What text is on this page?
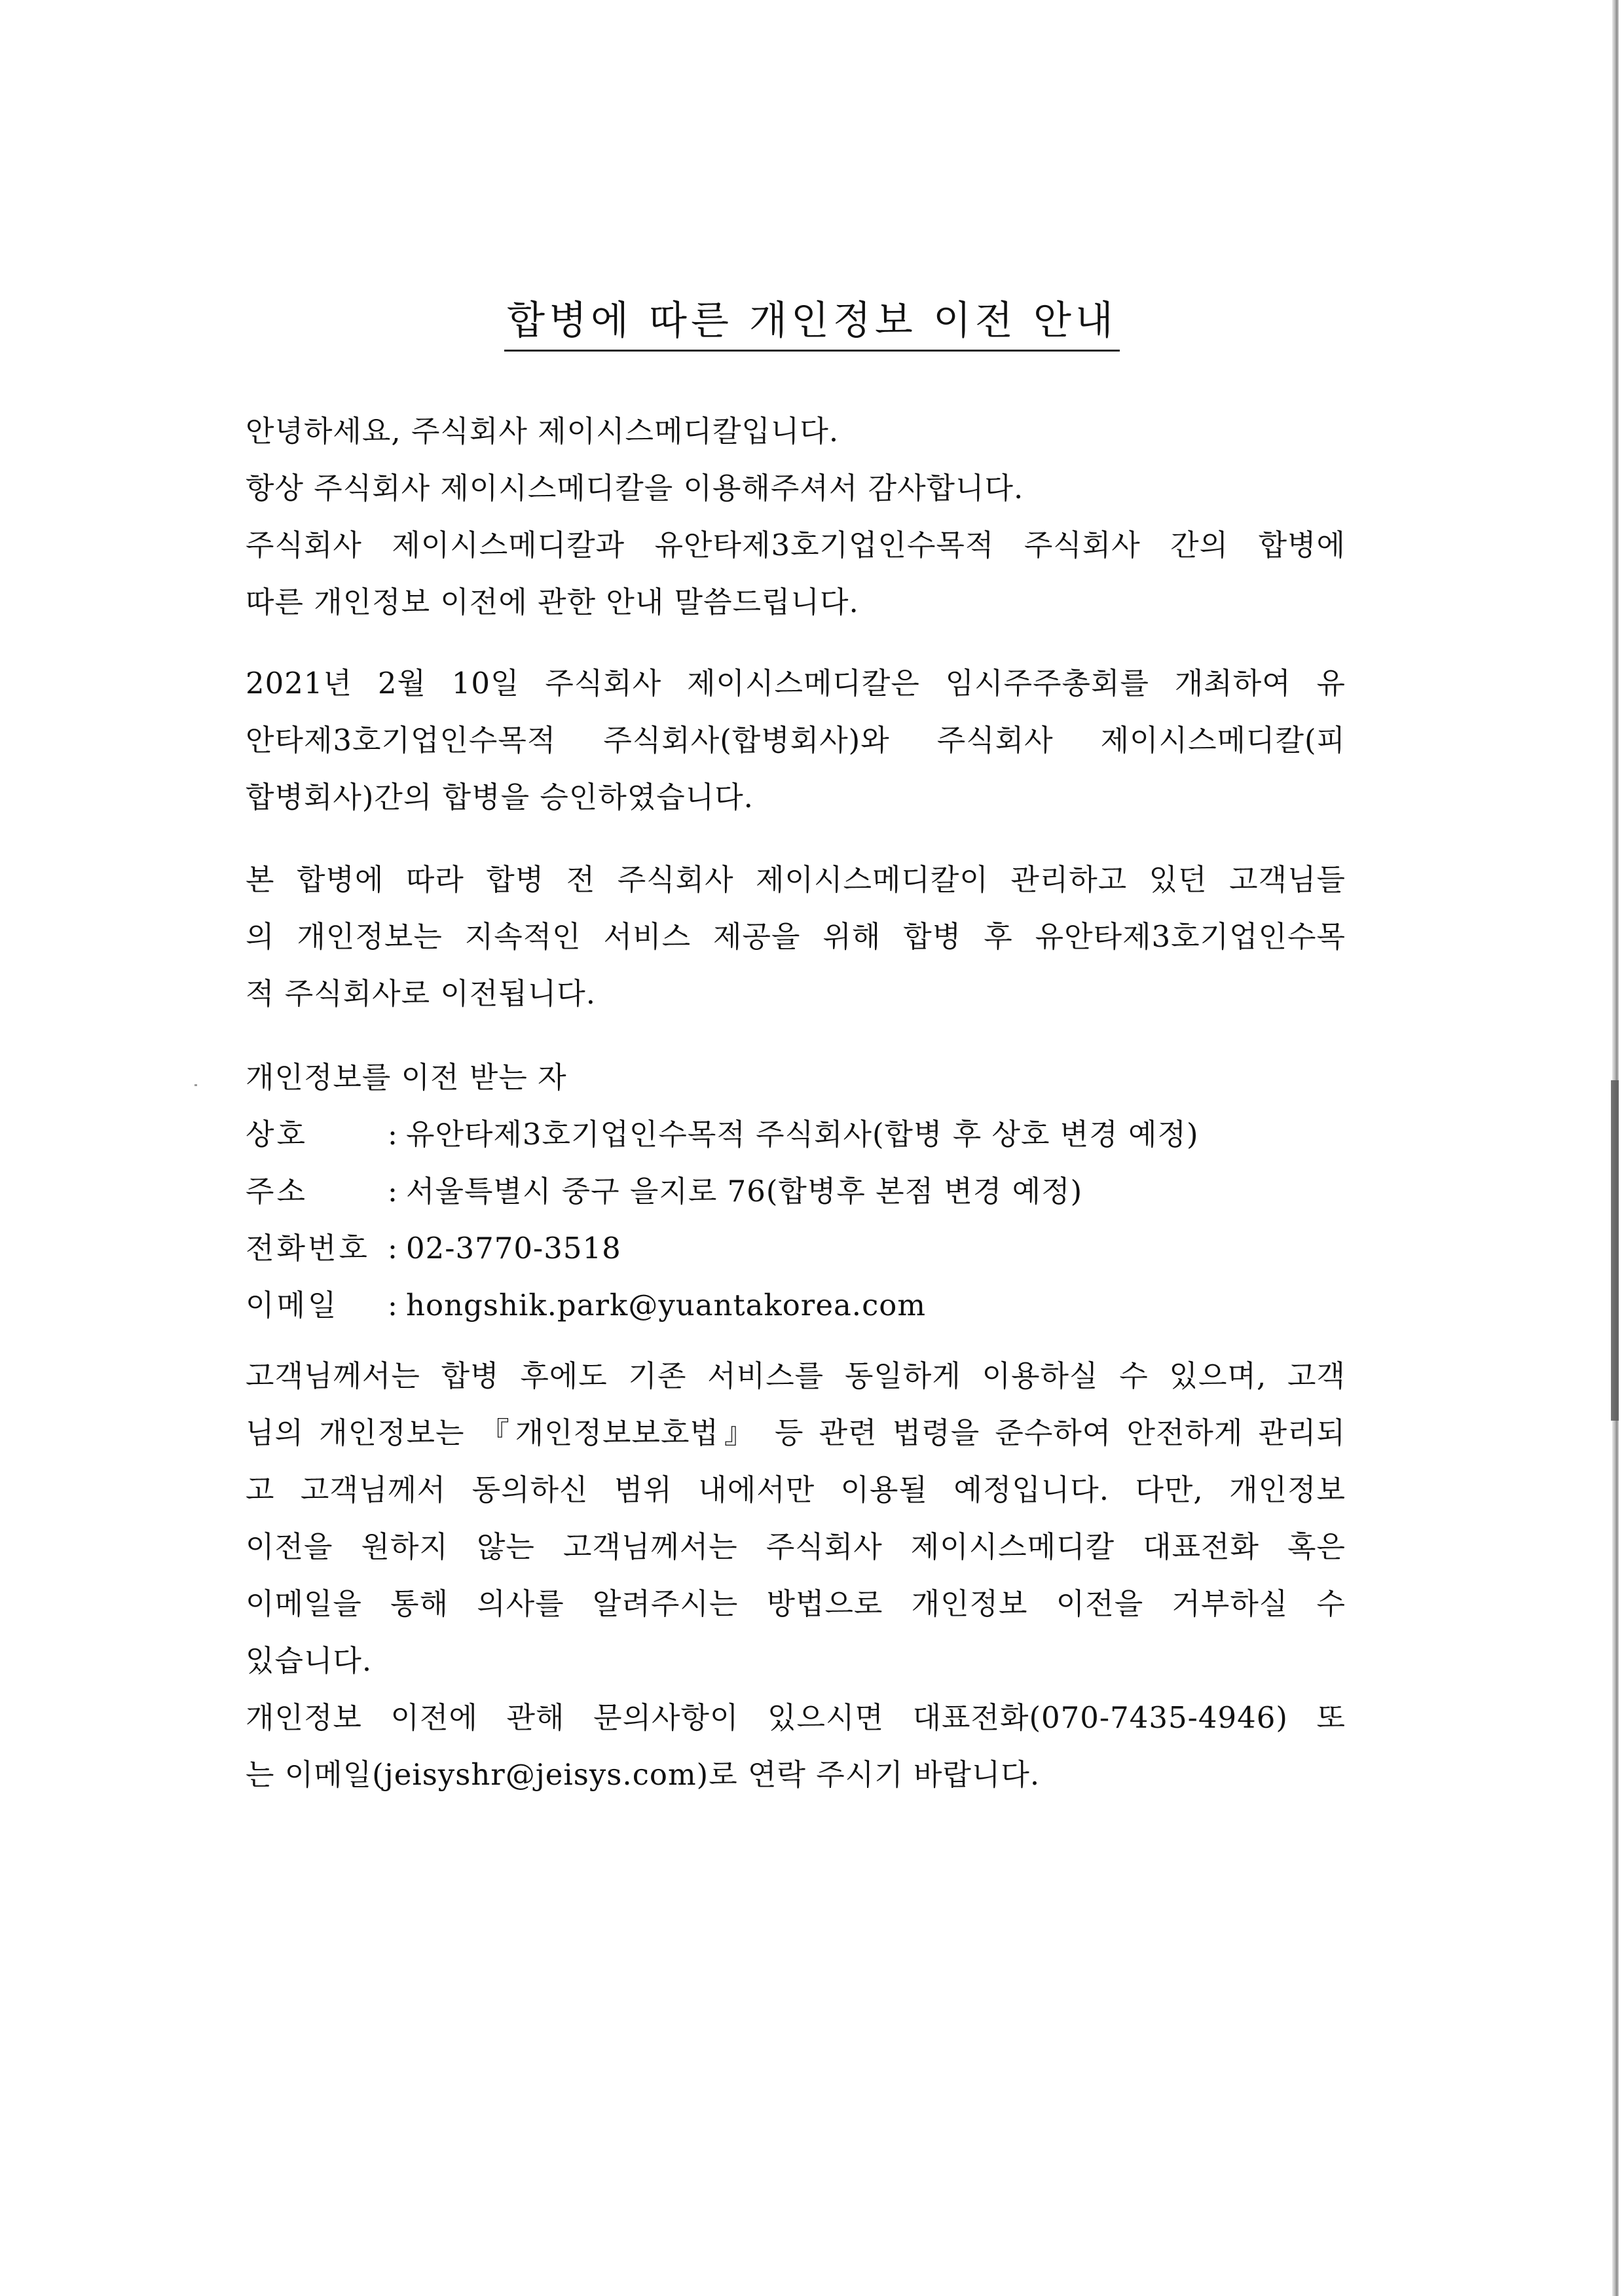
합병에 따른 개인정보 이전 안내
안녕하세요, 주식회사 제이시스메디칼입니다.
항상 주식회사 제이시스메디칼을 이용해주셔서 감사합니다.
주식회사 제이시스메디칼과 유안타제3호기업인수목적 주식회사 간의 합병에
따른 개인정보 이전에 관한 안내 말씀드립니다.
2021년 2월 10일 주식회사 제이시스메디칼은 임시주주총회를 개최하여 유
안타제3호기업인수목적 주식회사(합병회사)와 주식회사 제이시스메디칼(피
합병회사)간의 합병을 승인하였습니다.
본 합병에 따라 합병 전 주식회사 제이시스메디칼이 관리하고 있던 고객님들
의 개인정보는 지속적인 서비스 제공을 위해 합병 후 유안타제3호기업인수목
적 주식회사로 이전됩니다.
개인정보를 이전 받는 자
상호	: 유안타제3호기업인수목적 주식회사(합병 후 상호 변경 예정)
주소	: 서울특별시 중구 을지로 76(합병후 본점 변경 예정)
전화번호 : 02-3770-3518
이메일	: hongshik.park@yuantakorea.com
고객님께서는 합병 후에도 기존 서비스를 동일하게 이용하실 수 있으며, 고객
님의 개인정보는 『개인정보보호법』 등 관련 법령을 준수하여 안전하게 관리되
고 고객님께서 동의하신 범위 내에서만 이용될 예정입니다. 다만, 개인정보
이전을 원하지 않는 고객님께서는 주식회사 제이시스메디칼 대표전화 혹은
이메일을 통해 의사를 알려주시는 방법으로 개인정보 이전을 거부하실 수
있습니다.
개인정보 이전에 관해 문의사항이 있으시면 대표전화(070-7435-4946) 또
는 이메일(jeisyshr@jeisys.com)로 연락 주시기 바랍니다.
